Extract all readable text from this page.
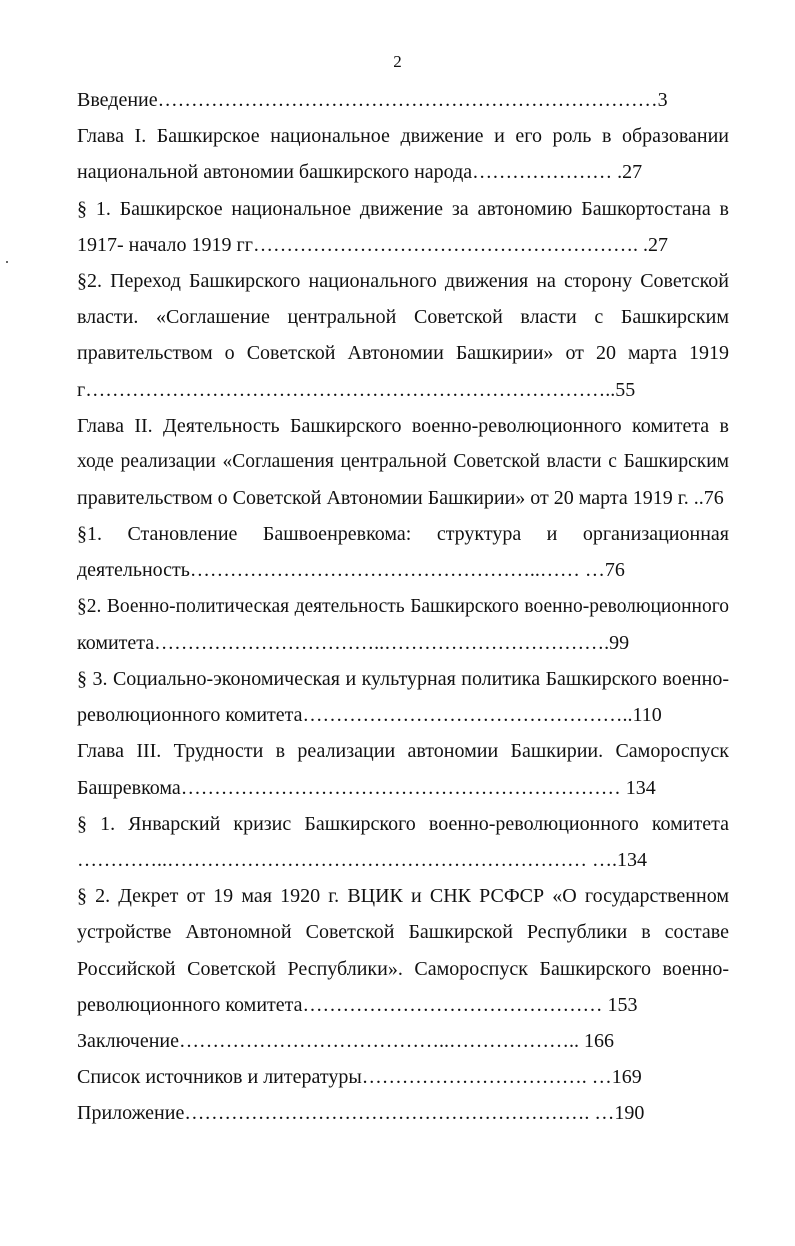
2
Введение…………………………………………………………………3
Глава I. Башкирское национальное движение и его роль в образовании
национальной автономии башкирского народа………………… .27
§ 1. Башкирское национальное движение за автономию Башкортостана в
1917- начало 1919 гг…………………………………………………. .27
§2. Переход Башкирского национального движения на сторону Советской
власти. «Соглашение центральной Советской власти с Башкирским
правительством о Советской Автономии Башкирии» от 20 марта 1919
г……………………………………………………………………..55
Глава II. Деятельность Башкирского военно-революционного комитета в
ходе реализации «Соглашения центральной Советской власти с Башкирским
правительством о Советской Автономии Башкирии» от 20 марта 1919 г. ..76
§1. Становление Башвоенревкома: структура и организационная
деятельность……………………………………………..…… …76
§2. Военно-политическая деятельность Башкирского военно-революционного
комитета……………………………..…………………………….99
§ 3. Социально-экономическая и культурная политика Башкирского военно-
революционного комитета…………………………………………..110
Глава III. Трудности в реализации автономии Башкирии. Самороспуск
Башревкома………………………………………………………… 134
§ 1. Январский кризис Башкирского военно-революционного комитета
…………..……………………………………………………… ….134
§ 2. Декрет от 19 мая 1920 г. ВЦИК и СНК РСФСР «О государственном
устройстве Автономной Советской Башкирской Республики в составе
Российской Советской Республики». Самороспуск Башкирского военно-
революционного комитета……………………………………… 153
Заключение…………………………………..……………….. 166
Список источников и литературы……………………………. …169
Приложение……………………………………………………. …190
